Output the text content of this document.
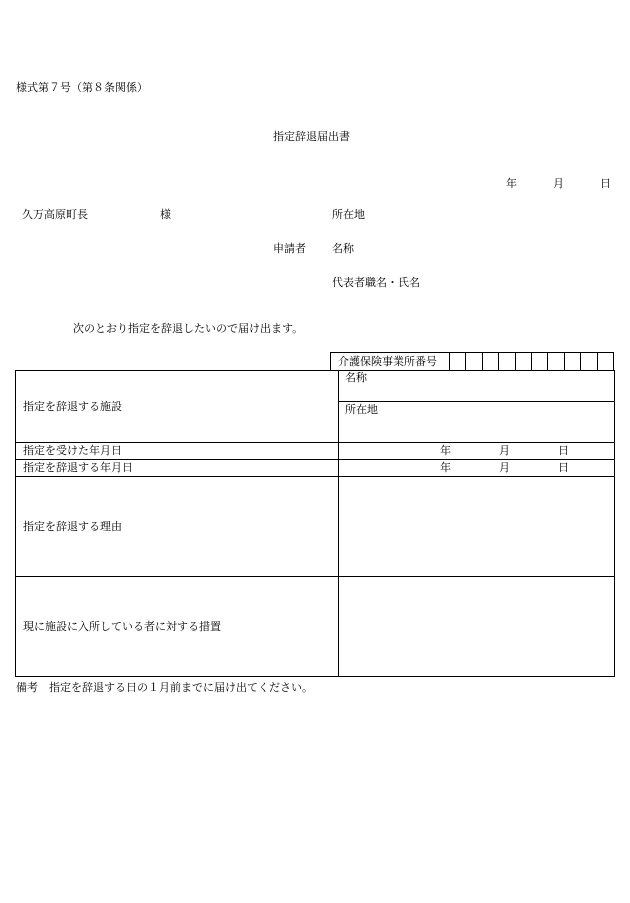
様式第７号（第８条関係）
指定辞退届出書
年	月	日
久万高原町長	様
申請者
所在地
名称
代表者職名・氏名
次のとおり指定を辞退したいので届け出ます。
介護保険事業所番号
指定を辞退する施設	名称
所在地

指定を受けた年月日	年 月 日

指定を辞退する年月日	年 月 日

指定を辞退する理由	
現に施設に入所している者に対する措置	
備考　指定を辞退する日の１月前までに届け出てください。
